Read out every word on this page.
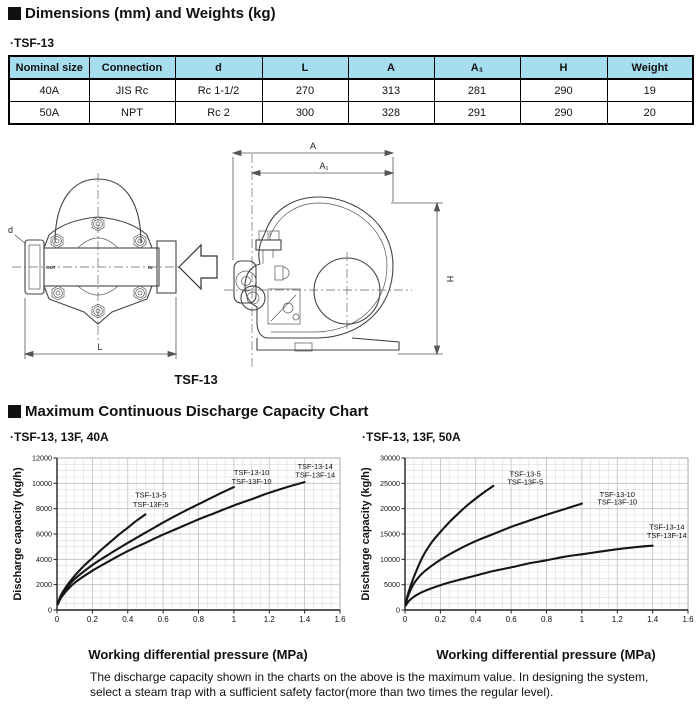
Dimensions (mm) and Weights (kg)
·TSF-13
Nominal size	Connection	d	L	A	A₁	H	Weight
40A	JIS Rc	Rc 1-1/2	270	313	281	290	19
50A	NPT	Rc 2	300	328	291	290	20
OUT	IN
d
L
A
A₁
H
TSF-13
Maximum Continuous Discharge Capacity Chart
·TSF-13, 13F, 40A	·TSF-13, 13F, 50A
0	0.2	0.4	0.6	0.8	1	1.2	1.4	1.6
0
2000
4000
6000
8000
10000
12000
Discharge capacity (kg/h)	TSF-13-5
TSF-13F-5
TSF-13-10
TSF-13F-10
TSF-13-14
TSF-13F-14
0	0.2	0.4	0.6	0.8	1	1.2	1.4	1.6
0
5000
10000
15000
20000
25000
30000
Discharge capacity (kg/h)	TSF-13-5
TSF-13F-5
TSF-13-10
TSF-13F-10
TSF-13-14
TSF-13F-14
Working differential pressure (MPa)	Working differential pressure (MPa)
The discharge capacity shown in the charts on the above is the maximum value. In designing the system,
select a steam trap with a sufficient safety factor(more than two times the regular level).
